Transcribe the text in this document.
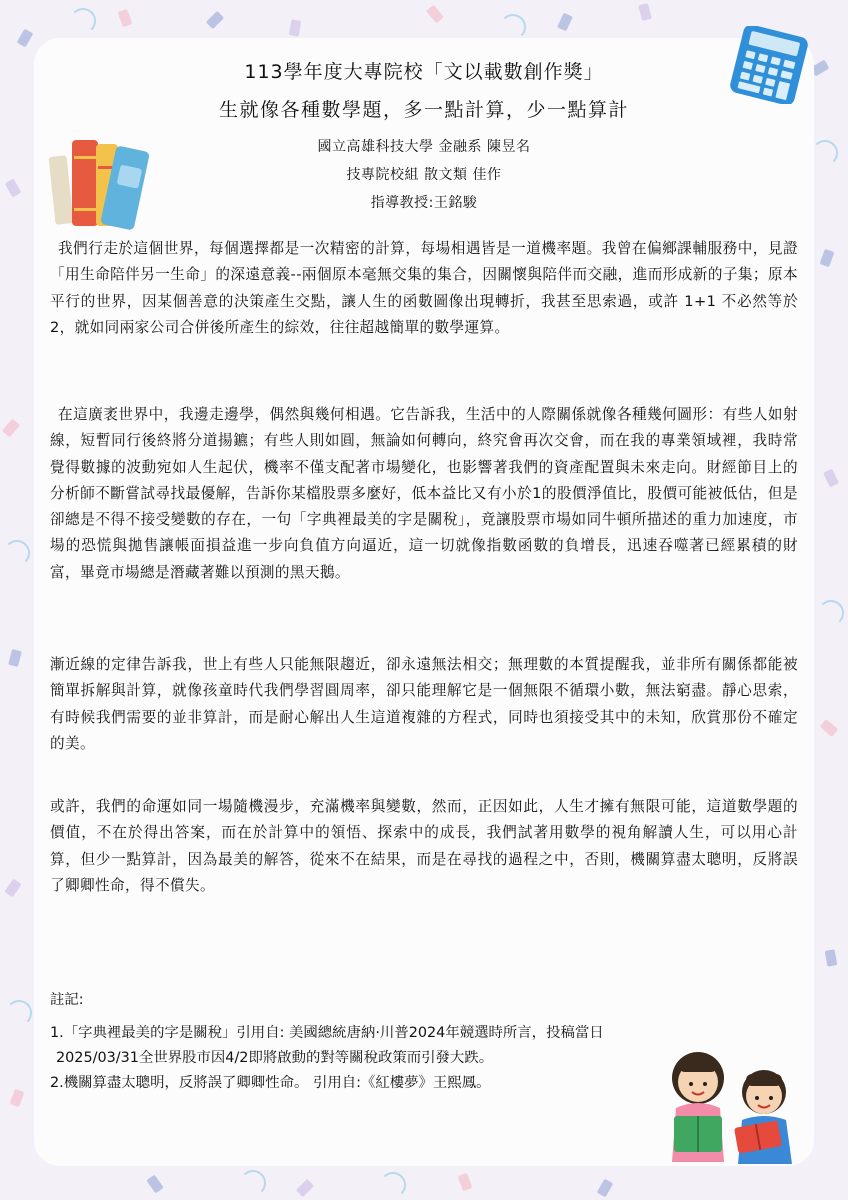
113學年度大專院校「文以載數創作獎」
生就像各種數學題，多一點計算，少一點算計
國立高雄科技大學 金融系 陳昱名
技專院校組 散文類 佳作
指導教授:王銘駿
我們行走於這個世界，每個選擇都是一次精密的計算，每場相遇皆是一道機率題。我曾在偏鄉課輔服務中，見證「用生命陪伴另一生命」的深遠意義--兩個原本毫無交集的集合，因關懷與陪伴而交融，進而形成新的子集；原本平行的世界，因某個善意的決策產生交點，讓人生的函數圖像出現轉折，我甚至思索過，或許 1+1 不必然等於 2，就如同兩家公司合併後所產生的綜效，往往超越簡單的數學運算。
在這廣袤世界中，我邊走邊學，偶然與幾何相遇。它告訴我，生活中的人際關係就像各種幾何圖形：有些人如射線，短暫同行後終將分道揚鑣；有些人則如圓，無論如何轉向，終究會再次交會，而在我的專業領域裡，我時常覺得數據的波動宛如人生起伏，機率不僅支配著市場變化，也影響著我們的資產配置與未來走向。財經節目上的分析師不斷嘗試尋找最優解，告訴你某檔股票多麼好，低本益比又有小於1的股價淨值比，股價可能被低估，但是卻總是不得不接受變數的存在，一句「字典裡最美的字是關稅」，竟讓股票市場如同牛頓所描述的重力加速度，市場的恐慌與拋售讓帳面損益進一步向負值方向逼近，這一切就像指數函數的負增長，迅速吞噬著已經累積的財富，畢竟市場總是潛藏著難以預測的黑天鵝。
漸近線的定律告訴我，世上有些人只能無限趨近，卻永遠無法相交；無理數的本質提醒我，並非所有關係都能被簡單拆解與計算，就像孩童時代我們學習圓周率，卻只能理解它是一個無限不循環小數，無法窮盡。靜心思索，有時候我們需要的並非算計，而是耐心解出人生這道複雜的方程式，同時也須接受其中的未知，欣賞那份不確定的美。
或許，我們的命運如同一場隨機漫步，充滿機率與變數，然而，正因如此，人生才擁有無限可能，這道數學題的價值，不在於得出答案，而在於計算中的領悟、探索中的成長，我們試著用數學的視角解讀人生，可以用心計算，但少一點算計，因為最美的解答，從來不在結果，而是在尋找的過程之中，否則，機關算盡太聰明，反將誤了卿卿性命，得不償失。
註記:
1.「字典裡最美的字是關稅」引用自: 美國總統唐納·川普2024年競選時所言，投稿當日
2025/03/31全世界股市因4/2即將啟動的對等關稅政策而引發大跌。
2.機關算盡太聰明，反將誤了卿卿性命。 引用自:《紅樓夢》王熙鳳。
